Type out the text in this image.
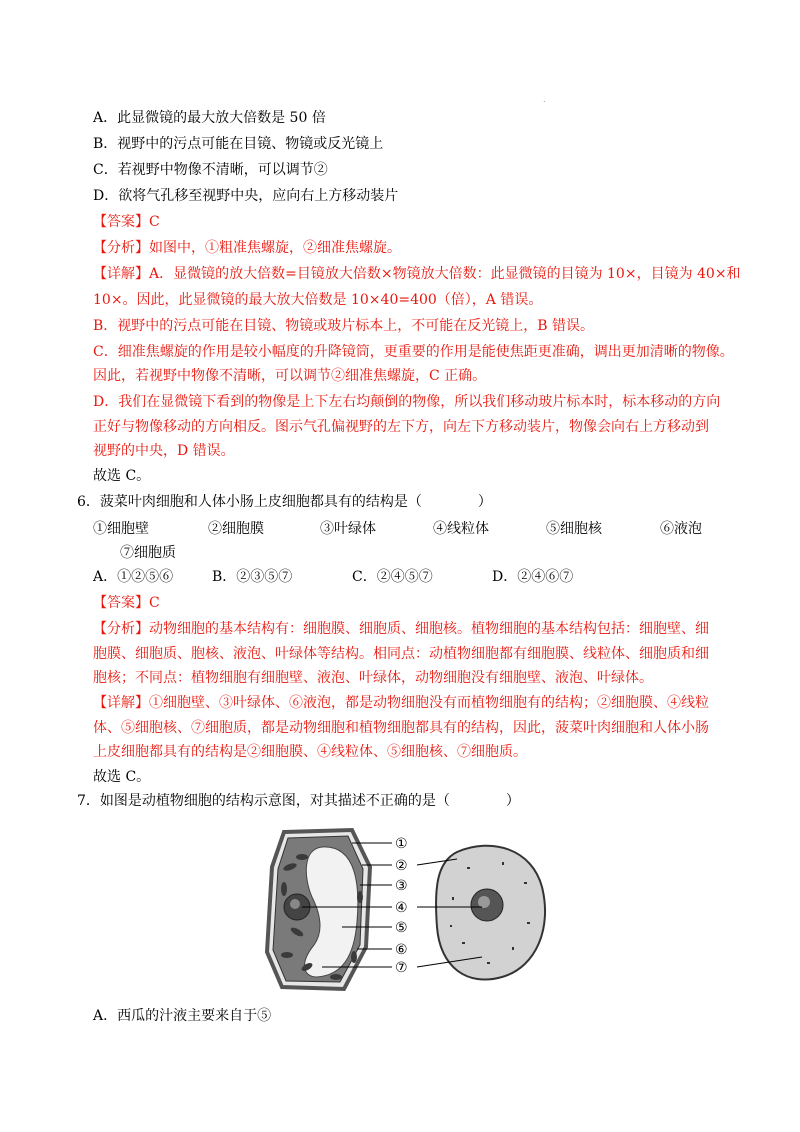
.
A．此显微镜的最大放大倍数是 50 倍
B．视野中的污点可能在目镜、物镜或反光镜上
C．若视野中物像不清晰，可以调节②
D．欲将气孔移至视野中央，应向右上方移动装片
【答案】C
【分析】如图中，①粗准焦螺旋，②细准焦螺旋。
【详解】A．显微镜的放大倍数=目镜放大倍数×物镜放大倍数：此显微镜的目镜为 10×，目镜为 40×和
10×。因此，此显微镜的最大放大倍数是 10×40=400（倍），A 错误。
B．视野中的污点可能在目镜、物镜或玻片标本上，不可能在反光镜上，B 错误。
C．细准焦螺旋的作用是较小幅度的升降镜筒，更重要的作用是能使焦距更准确，调出更加清晰的物像。
因此，若视野中物像不清晰，可以调节②细准焦螺旋，C 正确。
D．我们在显微镜下看到的物像是上下左右均颠倒的物像，所以我们移动玻片标本时，标本移动的方向
正好与物像移动的方向相反。图示气孔偏视野的左下方，向左下方移动装片，物像会向右上方移动到
视野的中央，D 错误。
故选 C。
6．菠菜叶肉细胞和人体小肠上皮细胞都具有的结构是（　　　　）
①细胞壁	②细胞膜	③叶绿体	④线粒体	⑤细胞核	⑥液泡
⑦细胞质
A．①②⑤⑥	B．②③⑤⑦	C．②④⑤⑦	D．②④⑥⑦
【答案】C
【分析】动物细胞的基本结构有：细胞膜、细胞质、细胞核。植物细胞的基本结构包括：细胞壁、细
胞膜、细胞质、胞核、液泡、叶绿体等结构。相同点：动植物细胞都有细胞膜、线粒体、细胞质和细
胞核；不同点：植物细胞有细胞壁、液泡、叶绿体，动物细胞没有细胞壁、液泡、叶绿体。
【详解】①细胞壁、③叶绿体、⑥液泡，都是动物细胞没有而植物细胞有的结构；②细胞膜、④线粒
体、⑤细胞核、⑦细胞质，都是动物细胞和植物细胞都具有的结构，因此，菠菜叶肉细胞和人体小肠
上皮细胞都具有的结构是②细胞膜、④线粒体、⑤细胞核、⑦细胞质。
故选 C。
7．如图是动植物细胞的结构示意图，对其描述不正确的是（　　　　）
①
②
③
④
⑤
⑥
⑦
A．西瓜的汁液主要来自于⑤
